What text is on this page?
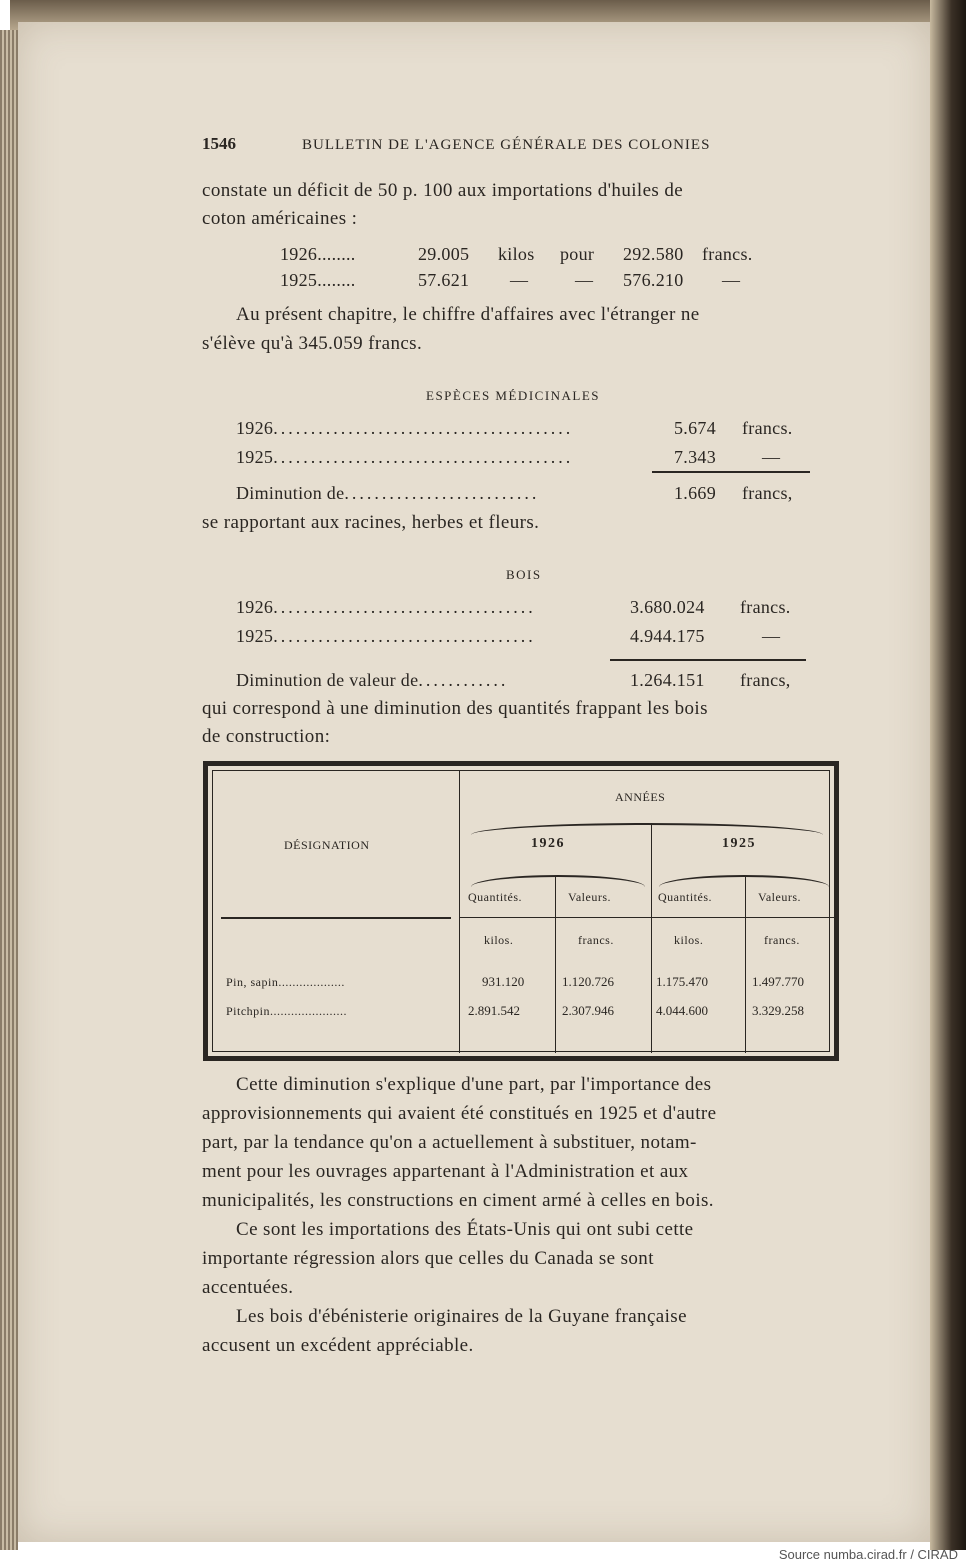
1546	BULLETIN DE L'AGENCE GÉNÉRALE DES COLONIES
constate un déficit de 50 p. 100 aux importations d'huiles de
coton américaines :
1926........	29.005 kilos pour 292.580 francs.
1925........	57.621 —	— 576.210 —
Au présent chapitre, le chiffre d'affaires avec l'étranger ne
s'élève qu'à 345.059 francs.
ESPÈCES MÉDICINALES
1926........................................	5.674 francs.
1925........................................	7.343	—
Diminution de..........................	1.669 francs,
se rapportant aux racines, herbes et fleurs.
BOIS
1926...................................	3.680.024 francs.
1925...................................	4.944.175	—
Diminution de valeur de............	1.264.151 francs,
qui correspond à une diminution des quantités frappant les bois
de construction:
DÉSIGNATION
ANNÉES
1926	1925
Quantités.	Valeurs.	Quantités.	Valeurs.
kilos.	francs.	kilos.	francs.
Pin, sapin...................	931.120	1.120.726	1.175.470	1.497.770
Pitchpin......................	2.891.542	2.307.946	4.044.600	3.329.258
Cette diminution s'explique d'une part, par l'importance des
approvisionnements qui avaient été constitués en 1925 et d'autre
part, par la tendance qu'on a actuellement à substituer, notam-
ment pour les ouvrages appartenant à l'Administration et aux
municipalités, les constructions en ciment armé à celles en bois.
Ce sont les importations des États-Unis qui ont subi cette
importante régression alors que celles du Canada se sont
accentuées.
Les bois d'ébénisterie originaires de la Guyane française
accusent un excédent appréciable.
Source numba.cirad.fr / CIRAD
